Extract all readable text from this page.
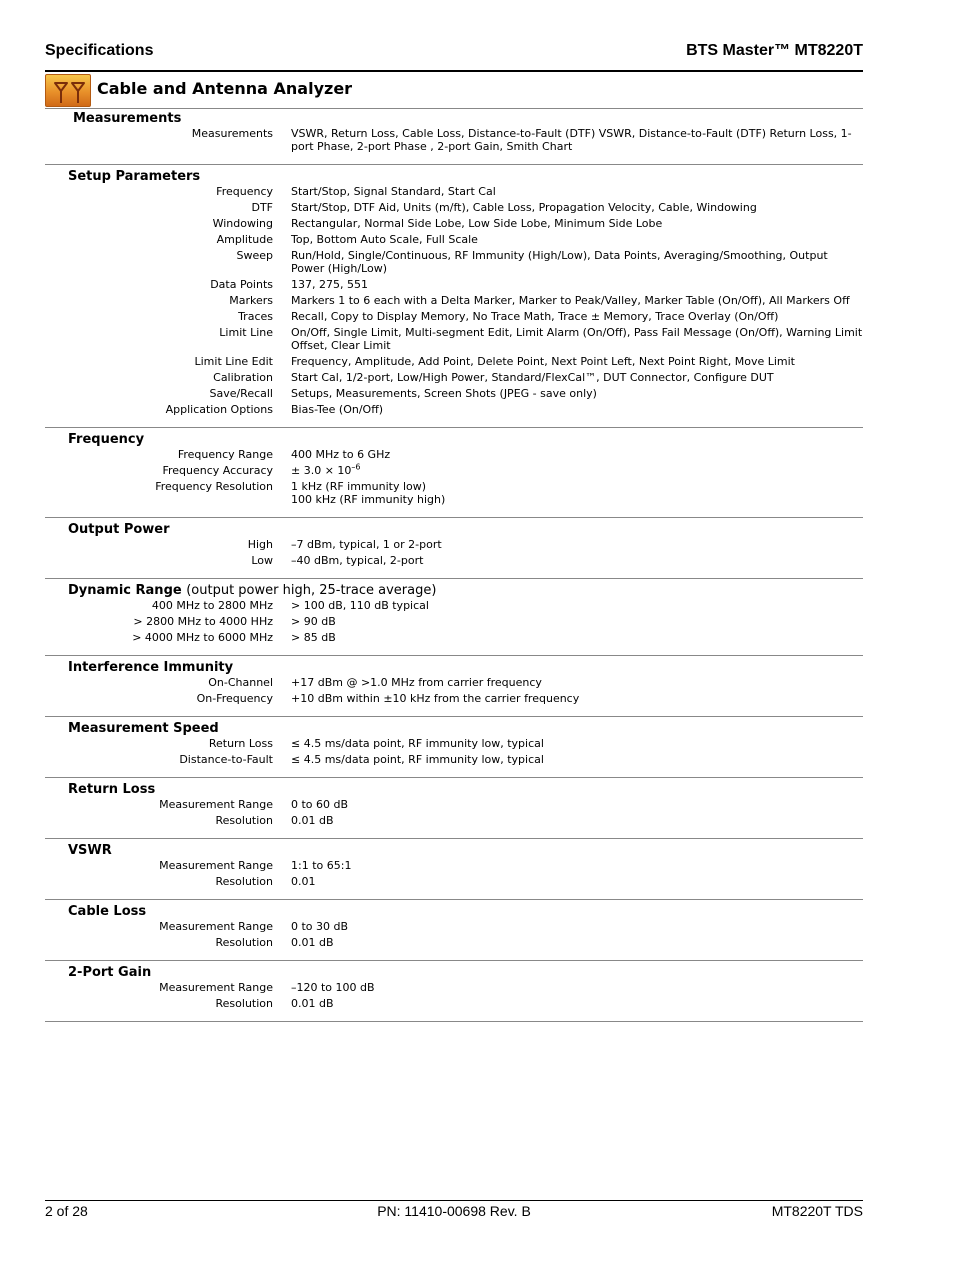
Specifications	BTS Master™ MT8220T
Cable and Antenna Analyzer
Measurements
Measurements VSWR, Return Loss, Cable Loss, Distance-to-Fault (DTF) VSWR, Distance-to-Fault (DTF) Return Loss, 1-port Phase, 2-port Phase , 2-port Gain, Smith Chart
Setup Parameters
Frequency Start/Stop, Signal Standard, Start Cal
DTF Start/Stop, DTF Aid, Units (m/ft), Cable Loss, Propagation Velocity, Cable, Windowing
Windowing Rectangular, Normal Side Lobe, Low Side Lobe, Minimum Side Lobe
Amplitude Top, Bottom Auto Scale, Full Scale
Sweep Run/Hold, Single/Continuous, RF Immunity (High/Low), Data Points, Averaging/Smoothing, Output Power (High/Low)
Data Points 137, 275, 551
Markers Markers 1 to 6 each with a Delta Marker, Marker to Peak/Valley, Marker Table (On/Off), All Markers Off
Traces Recall, Copy to Display Memory, No Trace Math, Trace ± Memory, Trace Overlay (On/Off)
Limit Line On/Off, Single Limit, Multi-segment Edit, Limit Alarm (On/Off), Pass Fail Message (On/Off), Warning Limit Offset, Clear Limit
Limit Line Edit Frequency, Amplitude, Add Point, Delete Point, Next Point Left, Next Point Right, Move Limit
Calibration Start Cal, 1/2-port, Low/High Power, Standard/FlexCal™, DUT Connector, Configure DUT
Save/Recall Setups, Measurements, Screen Shots (JPEG - save only)
Application Options Bias-Tee (On/Off)
Frequency
Frequency Range 400 MHz to 6 GHz
Frequency Accuracy ± $3.0 \times 10^{-6}$
Frequency Resolution 1 kHz (RF immunity low)
100 kHz (RF immunity high)
Output Power
High –7 dBm, typical, 1 or 2-port
Low –40 dBm, typical, 2-port
Dynamic Range (output power high, 25-trace average)
400 MHz to 2800 MHz > 100 dB, 110 dB typical
> 2800 MHz to 4000 HHz > 90 dB
> 4000 MHz to 6000 MHz > 85 dB
Interference Immunity
On-Channel +17 dBm @ >1.0 MHz from carrier frequency
On-Frequency +10 dBm within ±10 kHz from the carrier frequency
Measurement Speed
Return Loss ≤ 4.5 ms/data point, RF immunity low, typical
Distance-to-Fault ≤ 4.5 ms/data point, RF immunity low, typical
Return Loss
Measurement Range 0 to 60 dB
Resolution 0.01 dB
VSWR
Measurement Range 1:1 to 65:1
Resolution 0.01
Cable Loss
Measurement Range 0 to 30 dB
Resolution 0.01 dB
2-Port Gain
Measurement Range –120 to 100 dB
Resolution 0.01 dB
2 of 28	PN: 11410-00698 Rev. B	MT8220T TDS
